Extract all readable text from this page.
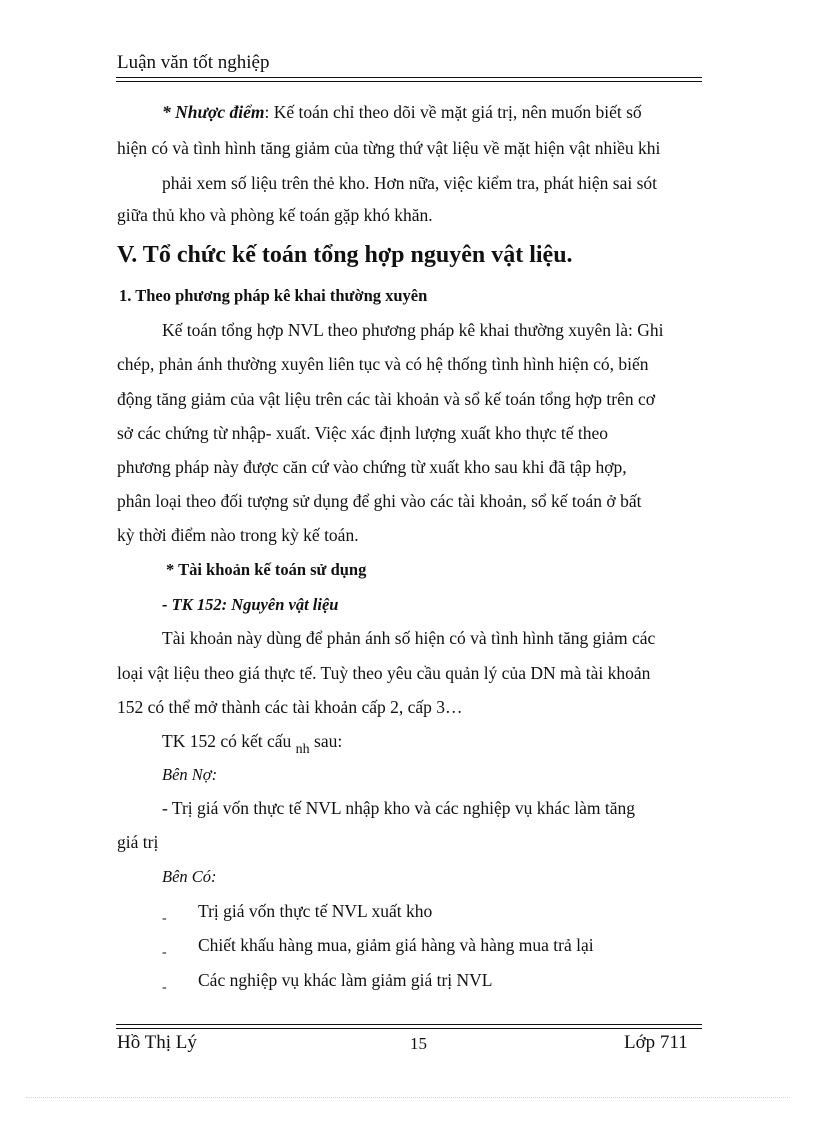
Luận văn tốt nghiệp
* Nhược điểm: Kế toán chỉ theo dõi về mặt giá trị, nên muốn biết số
hiện có và tình hình tăng giảm của từng thứ vật liệu về mặt hiện vật nhiều khi
phải xem số liệu trên thẻ kho. Hơn nữa, việc kiểm tra, phát hiện sai sót
giữa thủ kho và phòng kế toán gặp khó khăn.
V. Tổ chức kế toán tổng hợp nguyên vật liệu.
1. Theo phương pháp kê khai thường xuyên
Kế toán tổng hợp NVL theo phương pháp kê khai thường xuyên là: Ghi
chép, phản ánh thường xuyên liên tục và có hệ thống tình hình hiện có, biến
động tăng giảm của vật liệu trên các tài khoản và sổ kế toán tổng hợp trên cơ
sở các chứng từ nhập- xuất. Việc xác định lượng xuất kho thực tế theo
phương pháp này được căn cứ vào chứng từ xuất kho sau khi đã tập hợp,
phân loại theo đối tượng sử dụng để ghi vào các tài khoản, sổ kế toán ở bất
kỳ thời điểm nào trong kỳ kế toán.
* Tài khoản kế toán sử dụng
- TK 152: Nguyên vật liệu
Tài khoản này dùng để phản ánh số hiện có và tình hình tăng giảm các
loại vật liệu theo giá thực tế. Tuỳ theo yêu cầu quản lý của DN mà tài khoản
152 có thể mở thành các tài khoản cấp 2, cấp 3…
TK 152 có kết cấu $_{nh}$ sau:
Bên Nợ:
- Trị giá vốn thực tế NVL nhập kho và các nghiệp vụ khác làm tăng
giá trị
Bên Có:
- Trị giá vốn thực tế NVL xuất kho
- Chiết khấu hàng mua, giảm giá hàng và hàng mua trả lại
- Các nghiệp vụ khác làm giảm giá trị NVL
Hồ Thị Lý	15	Lớp 711
